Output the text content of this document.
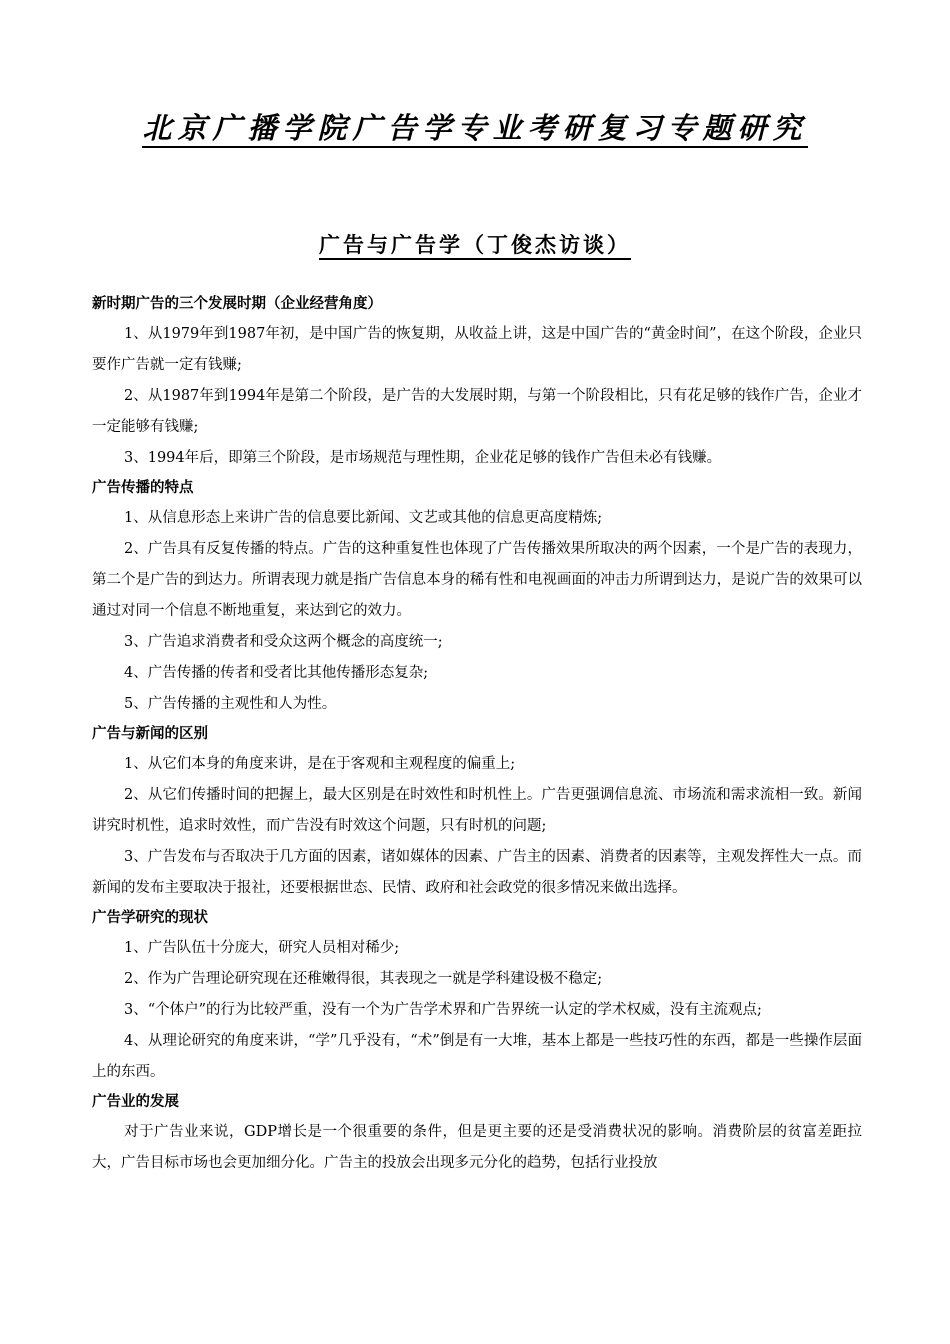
北京广播学院广告学专业考研复习专题研究
广告与广告学（丁俊杰访谈）

新时期广告的三个发展时期（企业经营角度）

1、从1979年到1987年初，是中国广告的恢复期，从收益上讲，这是中国广告的“黄金时间”，在这个阶段，企业只要作广告就一定有钱赚;

2、从1987年到1994年是第二个阶段，是广告的大发展时期，与第一个阶段相比，只有花足够的钱作广告，企业才一定能够有钱赚;

3、1994年后，即第三个阶段，是市场规范与理性期，企业花足够的钱作广告但未必有钱赚。

广告传播的特点

1、从信息形态上来讲广告的信息要比新闻、文艺或其他的信息更高度精炼;

2、广告具有反复传播的特点。广告的这种重复性也体现了广告传播效果所取决的两个因素，一个是广告的表现力，第二个是广告的到达力。所谓表现力就是指广告信息本身的稀有性和电视画面的冲击力所谓到达力，是说广告的效果可以通过对同一个信息不断地重复，来达到它的效力。

3、广告追求消费者和受众这两个概念的高度统一;

4、广告传播的传者和受者比其他传播形态复杂;

5、广告传播的主观性和人为性。

广告与新闻的区别

1、从它们本身的角度来讲，是在于客观和主观程度的偏重上;

2、从它们传播时间的把握上，最大区别是在时效性和时机性上。广告更强调信息流、市场流和需求流相一致。新闻讲究时机性，追求时效性，而广告没有时效这个问题，只有时机的问题;

3、广告发布与否取决于几方面的因素，诸如媒体的因素、广告主的因素、消费者的因素等，主观发挥性大一点。而新闻的发布主要取决于报社，还要根据世态、民情、政府和社会政党的很多情况来做出选择。

广告学研究的现状

1、广告队伍十分庞大，研究人员相对稀少;

2、作为广告理论研究现在还稚嫩得很，其表现之一就是学科建设极不稳定;

3、“个体户”的行为比较严重，没有一个为广告学术界和广告界统一认定的学术权威，没有主流观点;

4、从理论研究的角度来讲，“学”几乎没有，“术”倒是有一大堆，基本上都是一些技巧性的东西，都是一些操作层面上的东西。

广告业的发展

对于广告业来说，GDP增长是一个很重要的条件，但是更主要的还是受消费状况的影响。消费阶层的贫富差距拉大，广告目标市场也会更加细分化。广告主的投放会出现多元分化的趋势，包括行业投放
